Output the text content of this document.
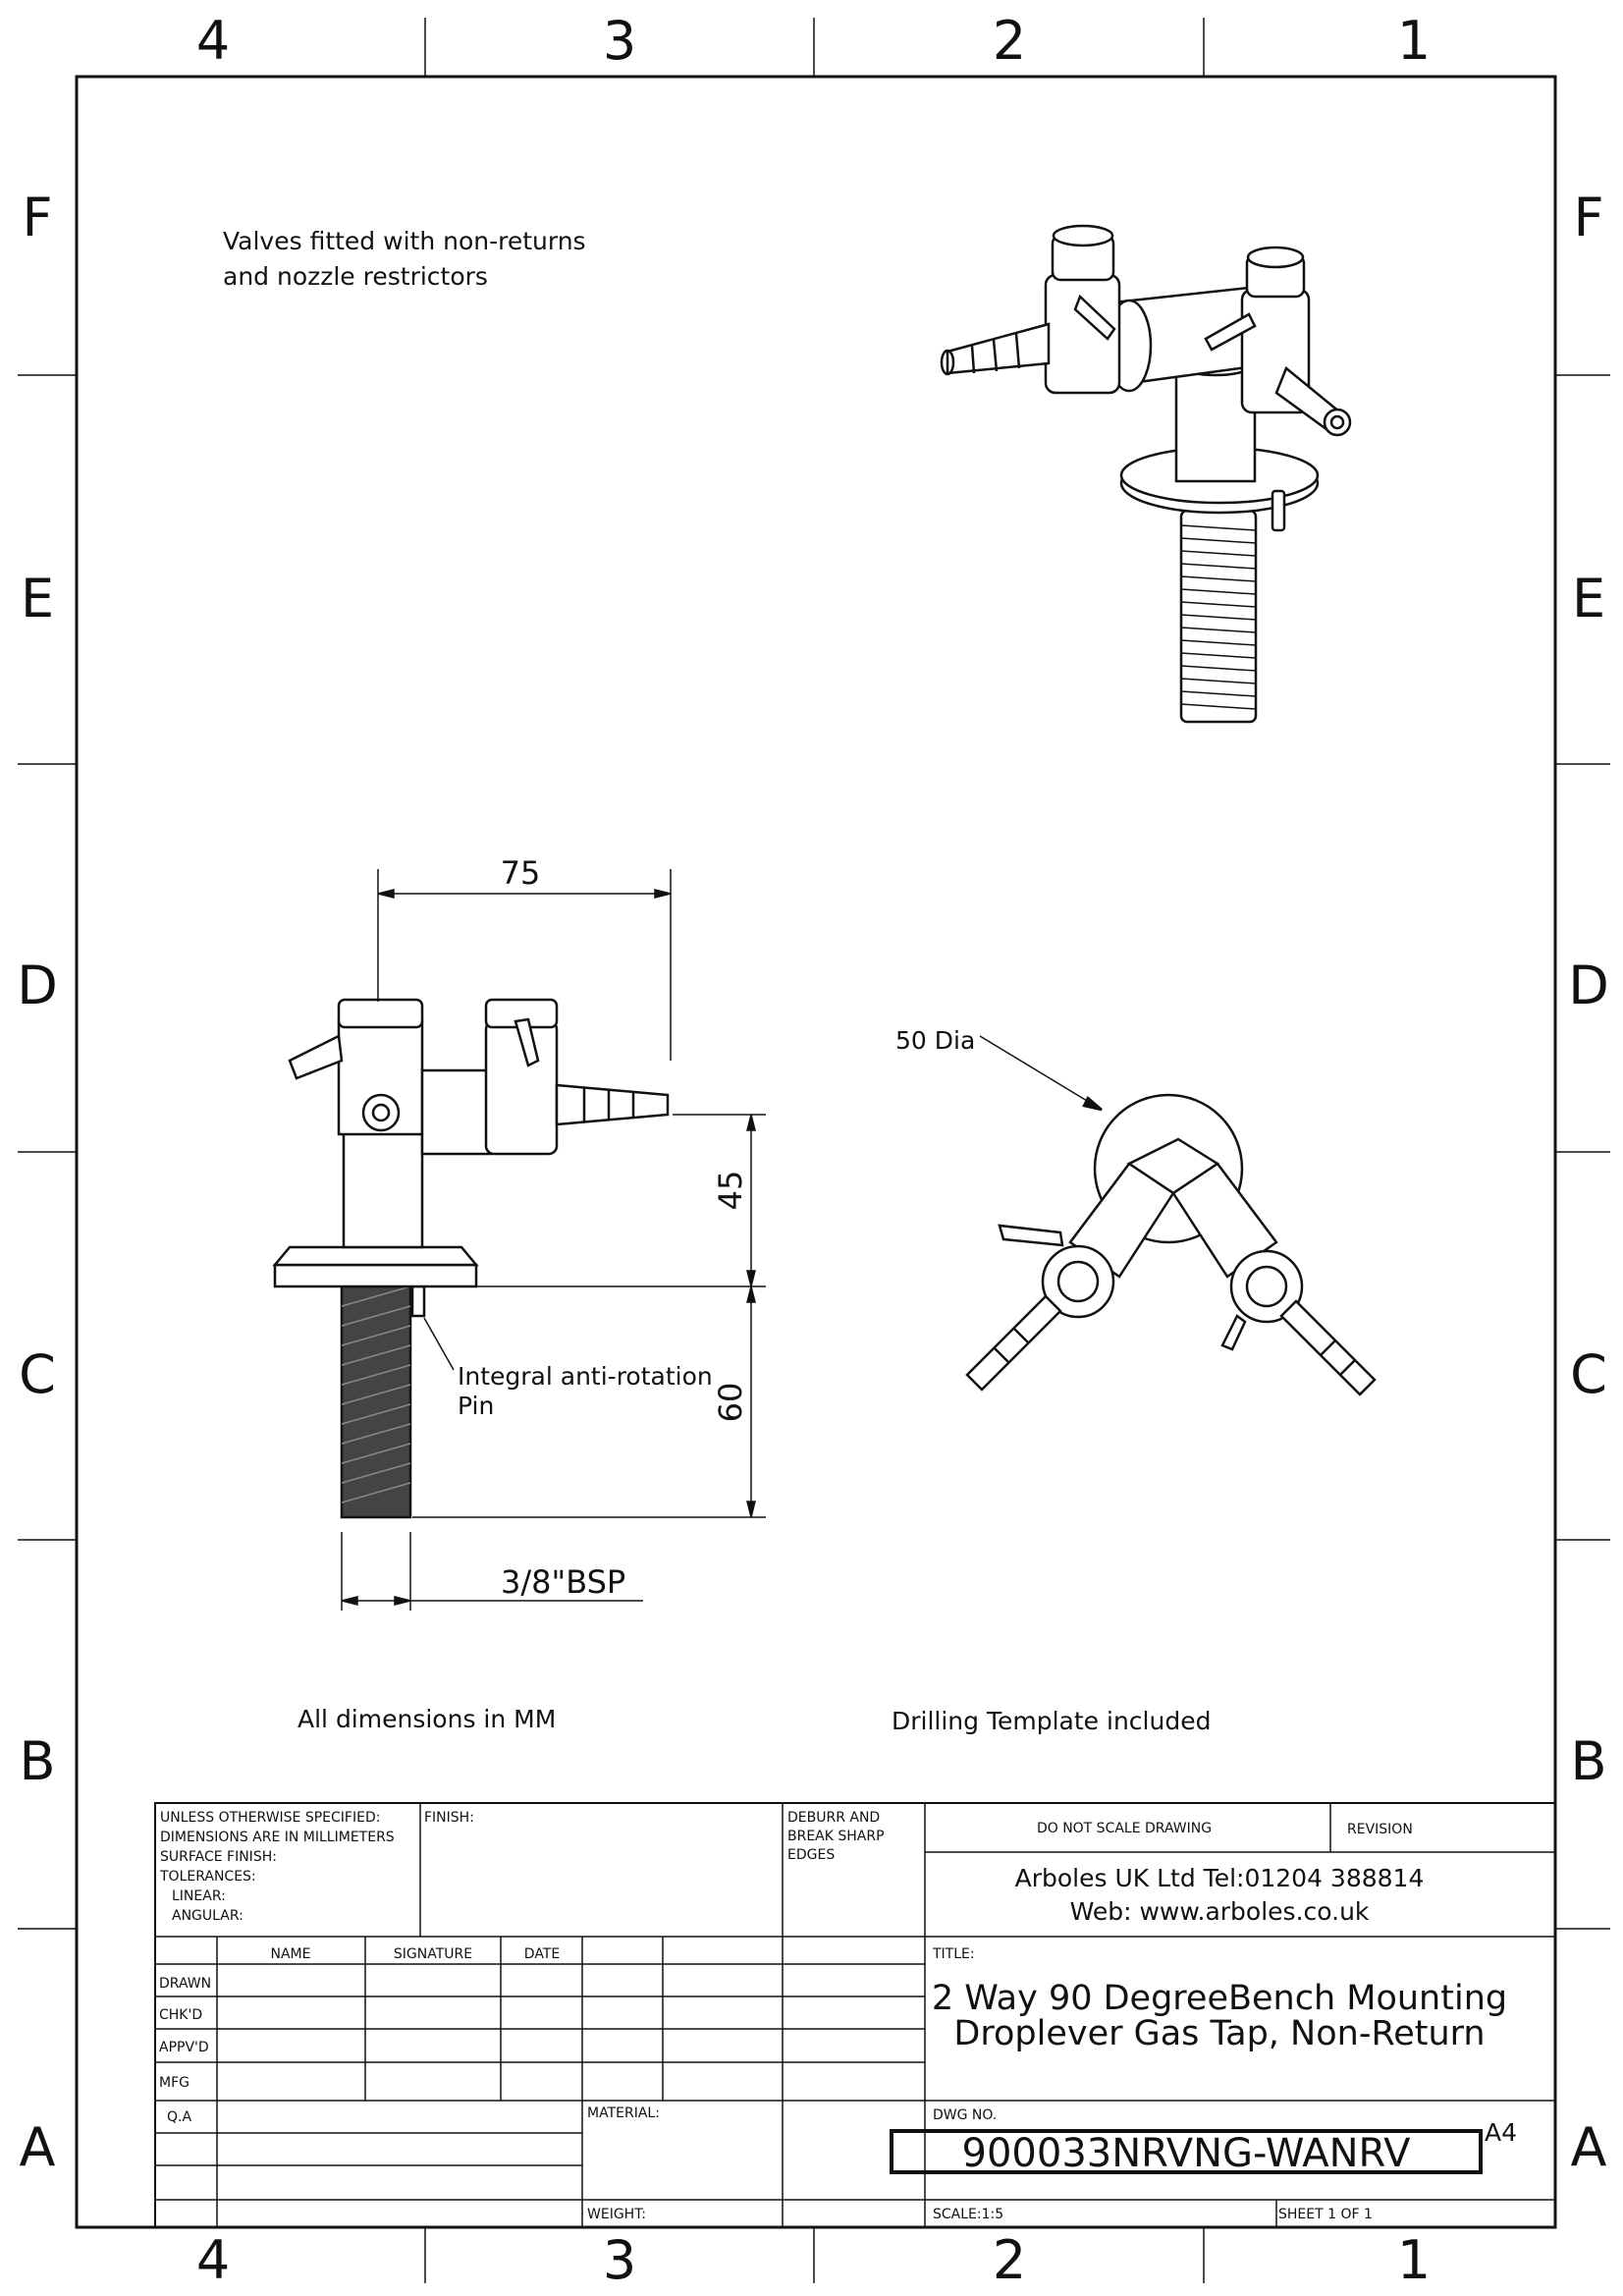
4	3	2	1
4	3	2	1
F
E
D
C
B
A
F
E
D
C
B
A
Valves fitted with non-returns
and nozzle restrictors
All dimensions in MM	Drilling Template included
75
45
60
3/8"BSP
Integral anti-rotation
Pin
50 Dia
UNLESS OTHERWISE SPECIFIED:
DIMENSIONS ARE IN MILLIMETERS
SURFACE FINISH:
TOLERANCES:
LINEAR:
ANGULAR:
FINISH:	DEBURR AND
BREAK SHARP
EDGES
DO NOT SCALE DRAWING	REVISION
Arboles UK Ltd Tel:01204 388814
Web: www.arboles.co.uk
NAME	SIGNATURE	DATE
DRAWN
CHK'D
APPV'D
MFG
Q.A
TITLE:
2 Way 90 DegreeBench Mounting
Droplever Gas Tap, Non-Return
MATERIAL:	DWG NO.
900033NRVNG-WANRV	A4
WEIGHT:	SCALE:1:5	SHEET 1 OF 1
